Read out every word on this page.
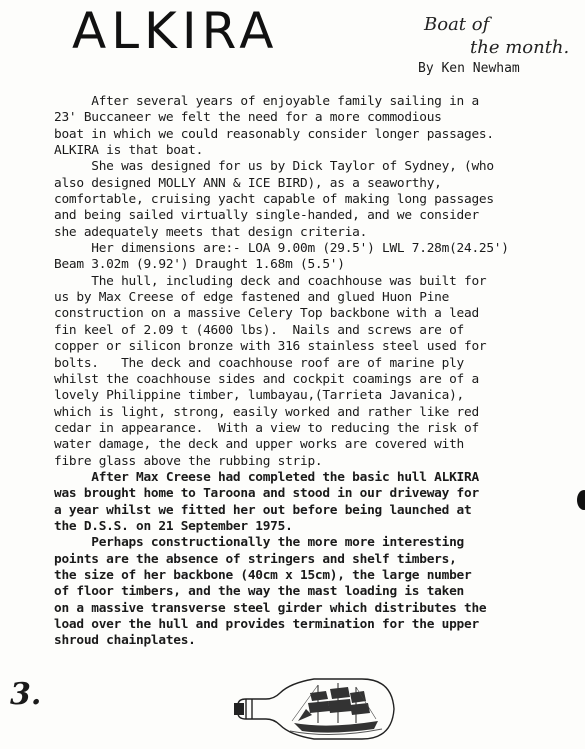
ALKIRA	Boat of
the month.
By Ken Newham
After several years of enjoyable family sailing in a
23' Buccaneer we felt the need for a more commodious
boat in which we could reasonably consider longer passages.
ALKIRA is that boat.
She was designed for us by Dick Taylor of Sydney, (who
also designed MOLLY ANN & ICE BIRD), as a seaworthy,
comfortable, cruising yacht capable of making long passages
and being sailed virtually single-handed, and we consider
she adequately meets that design criteria.
Her dimensions are:- LOA 9.00m (29.5') LWL 7.28m(24.25')
Beam 3.02m (9.92') Draught 1.68m (5.5')
The hull, including deck and coachhouse was built for
us by Max Creese of edge fastened and glued Huon Pine
construction on a massive Celery Top backbone with a lead
fin keel of 2.09 t (4600 lbs).  Nails and screws are of
copper or silicon bronze with 316 stainless steel used for
bolts.   The deck and coachhouse roof are of marine ply
whilst the coachhouse sides and cockpit coamings are of a
lovely Philippine timber, lumbayau,(Tarrieta Javanica),
which is light, strong, easily worked and rather like red
cedar in appearance.  With a view to reducing the risk of
water damage, the deck and upper works are covered with
fibre glass above the rubbing strip.
After Max Creese had completed the basic hull ALKIRA
was brought home to Taroona and stood in our driveway for
a year whilst we fitted her out before being launched at
the D.S.S. on 21 September 1975.
Perhaps constructionally the more more interesting
points are the absence of stringers and shelf timbers,
the size of her backbone (40cm x 15cm), the large number
of floor timbers, and the way the mast loading is taken
on a massive transverse steel girder which distributes the
load over the hull and provides termination for the upper
shroud chainplates.
3.
